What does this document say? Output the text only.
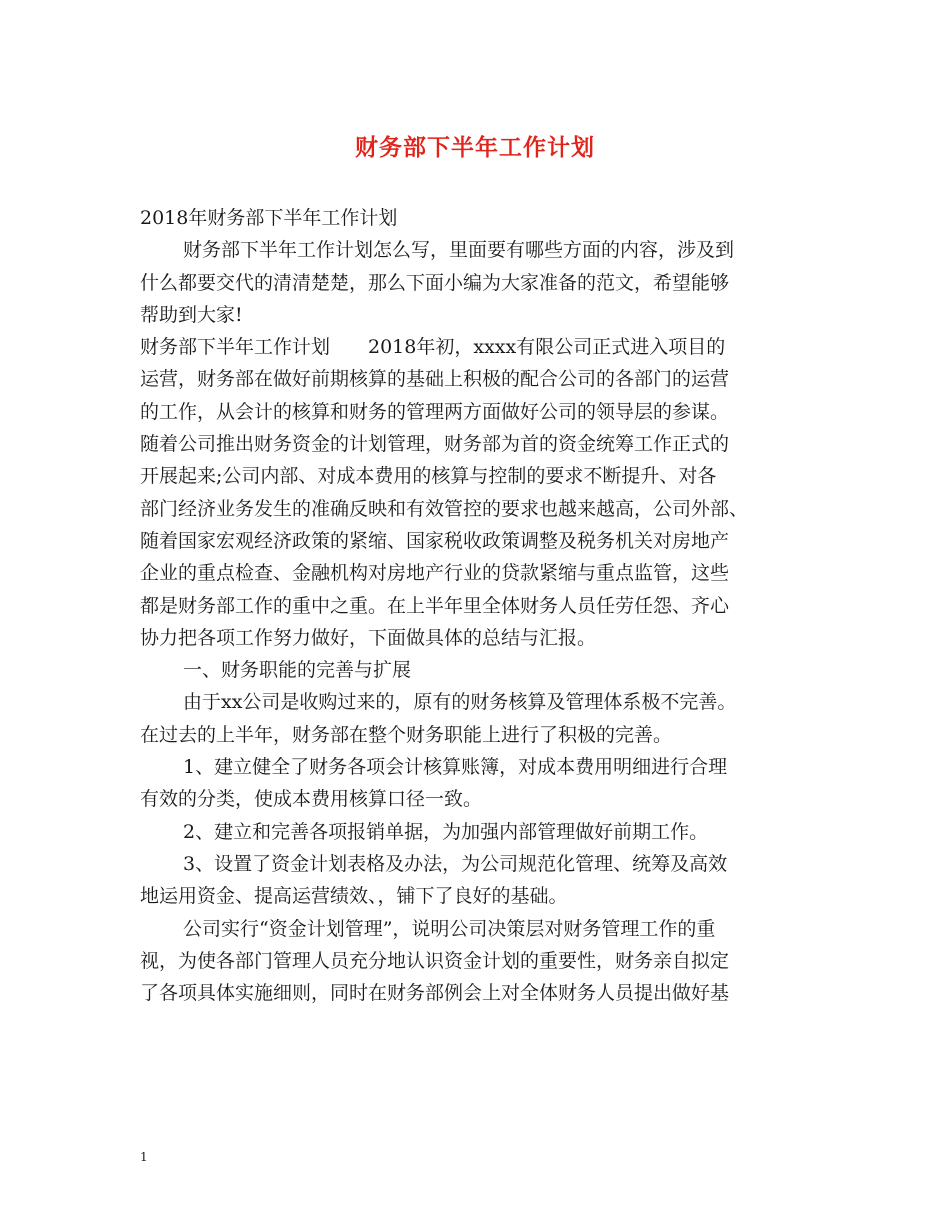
财务部下半年工作计划
2018年财务部下半年工作计划
财务部下半年工作计划怎么写，里面要有哪些方面的内容，涉及到
什么都要交代的清清楚楚，那么下面小编为大家准备的范文，希望能够
帮助到大家!
财务部下半年工作计划　　2018年初，xxxx有限公司正式进入项目的
运营，财务部在做好前期核算的基础上积极的配合公司的各部门的运营
的工作，从会计的核算和财务的管理两方面做好公司的领导层的参谋。
随着公司推出财务资金的计划管理，财务部为首的资金统筹工作正式的
开展起来;公司内部、对成本费用的核算与控制的要求不断提升、对各
部门经济业务发生的准确反映和有效管控的要求也越来越高，公司外部、
随着国家宏观经济政策的紧缩、国家税收政策调整及税务机关对房地产
企业的重点检查、金融机构对房地产行业的贷款紧缩与重点监管，这些
都是财务部工作的重中之重。在上半年里全体财务人员任劳任怨、齐心
协力把各项工作努力做好，下面做具体的总结与汇报。
一、财务职能的完善与扩展
由于xx公司是收购过来的，原有的财务核算及管理体系极不完善。
在过去的上半年，财务部在整个财务职能上进行了积极的完善。
1、建立健全了财务各项会计核算账簿，对成本费用明细进行合理
有效的分类，使成本费用核算口径一致。
2、建立和完善各项报销单据，为加强内部管理做好前期工作。
3、设置了资金计划表格及办法，为公司规范化管理、统筹及高效
地运用资金、提高运营绩效、，铺下了良好的基础。
公司实行“资金计划管理”，说明公司决策层对财务管理工作的重
视，为使各部门管理人员充分地认识资金计划的重要性，财务亲自拟定
了各项具体实施细则，同时在财务部例会上对全体财务人员提出做好基
1
